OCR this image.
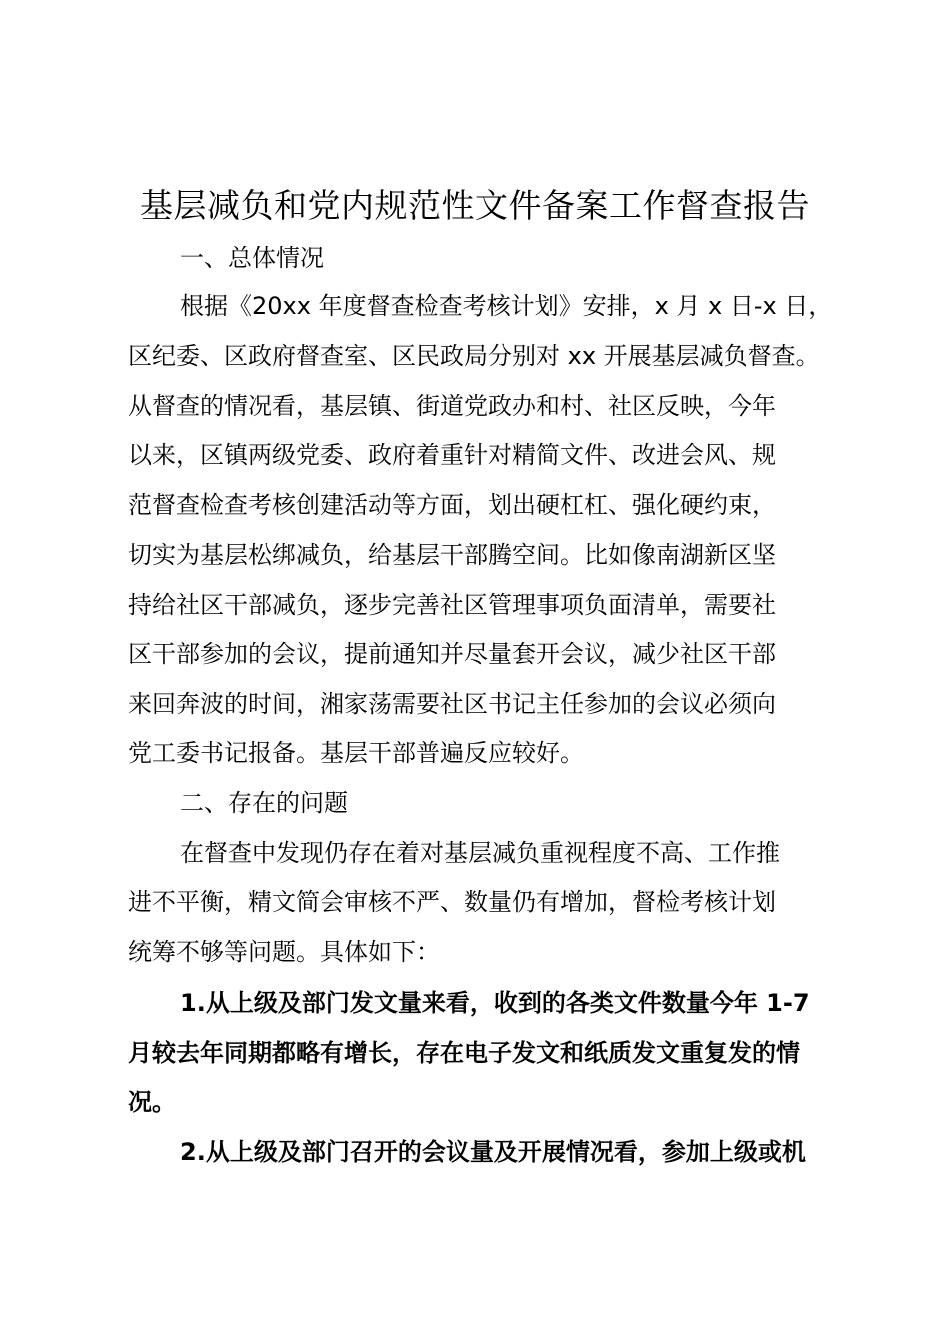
基层减负和党内规范性文件备案工作督查报告
一、总体情况
根据《20xx 年度督查检查考核计划》安排，x 月 x 日-x 日，
区纪委、区政府督查室、区民政局分别对 xx 开展基层减负督查。
从督查的情况看，基层镇、街道党政办和村、社区反映，今年
以来，区镇两级党委、政府着重针对精简文件、改进会风、规
范督查检查考核创建活动等方面，划出硬杠杠、强化硬约束，
切实为基层松绑减负，给基层干部腾空间。比如像南湖新区坚
持给社区干部减负，逐步完善社区管理事项负面清单，需要社
区干部参加的会议，提前通知并尽量套开会议，减少社区干部
来回奔波的时间，湘家荡需要社区书记主任参加的会议必须向
党工委书记报备。基层干部普遍反应较好。
二、存在的问题
在督查中发现仍存在着对基层减负重视程度不高、工作推
进不平衡，精文简会审核不严、数量仍有增加，督检考核计划
统筹不够等问题。具体如下：
1.从上级及部门发文量来看，收到的各类文件数量今年 1-7
月较去年同期都略有增长，存在电子发文和纸质发文重复发的情
况。
2.从上级及部门召开的会议量及开展情况看，参加上级或机
